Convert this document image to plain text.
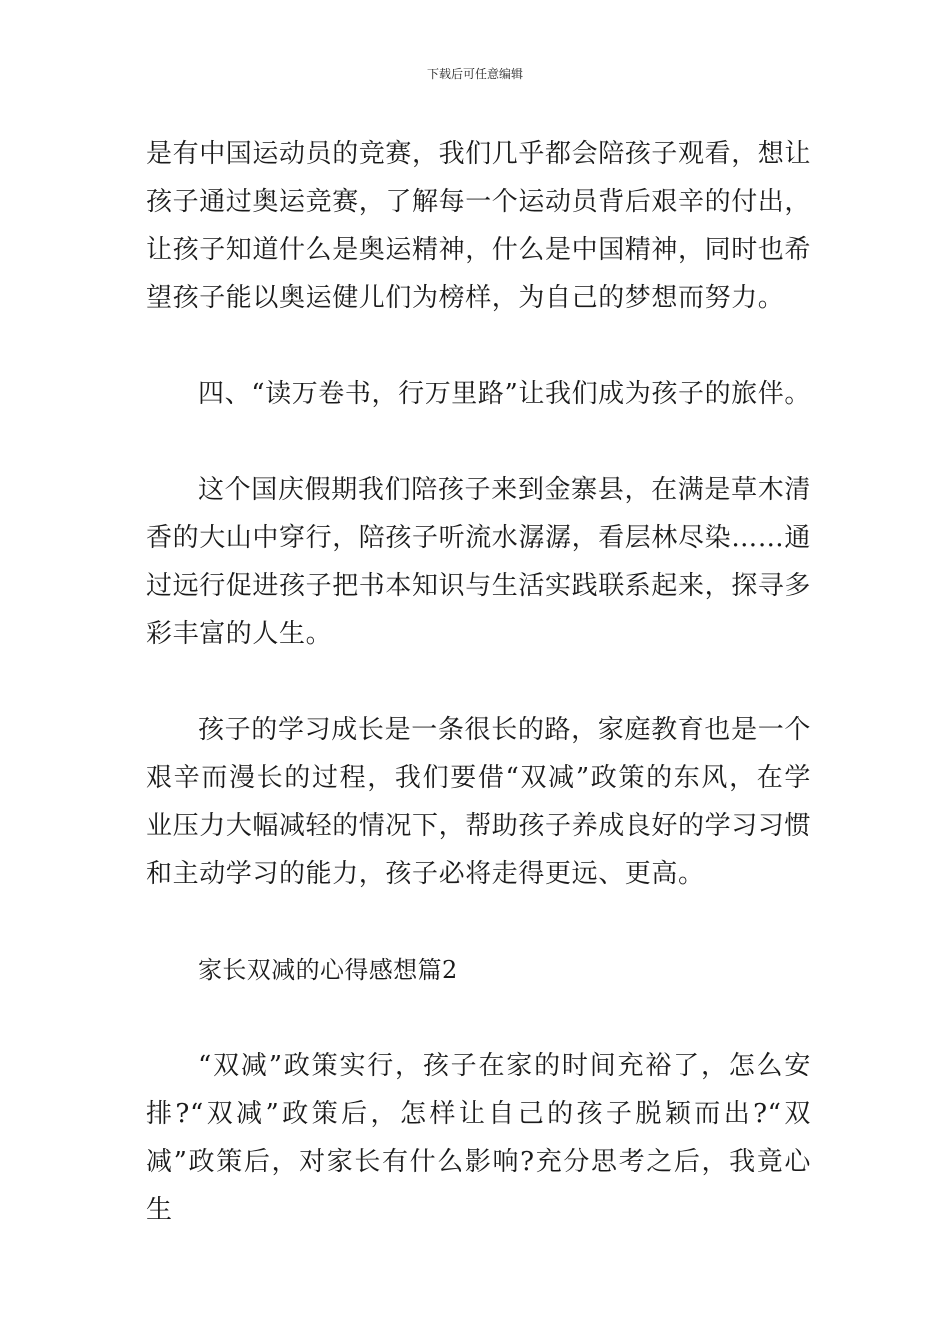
下载后可任意编辑

是有中国运动员的竞赛，我们几乎都会陪孩子观看，想让孩子通过奥运竞赛，了解每一个运动员背后艰辛的付出，让孩子知道什么是奥运精神，什么是中国精神，同时也希望孩子能以奥运健儿们为榜样，为自己的梦想而努力。

四、“读万卷书，行万里路”让我们成为孩子的旅伴。

这个国庆假期我们陪孩子来到金寨县，在满是草木清香的大山中穿行，陪孩子听流水潺潺，看层林尽染……通过远行促进孩子把书本知识与生活实践联系起来，探寻多彩丰富的人生。

孩子的学习成长是一条很长的路，家庭教育也是一个艰辛而漫长的过程，我们要借“双减”政策的东风，在学业压力大幅减轻的情况下，帮助孩子养成良好的学习习惯和主动学习的能力，孩子必将走得更远、更高。

家长双减的心得感想篇2

“双减”政策实行，孩子在家的时间充裕了，怎么安排?“双减”政策后，怎样让自己的孩子脱颖而出?“双减”政策后，对家长有什么影响?充分思考之后，我竟心生
